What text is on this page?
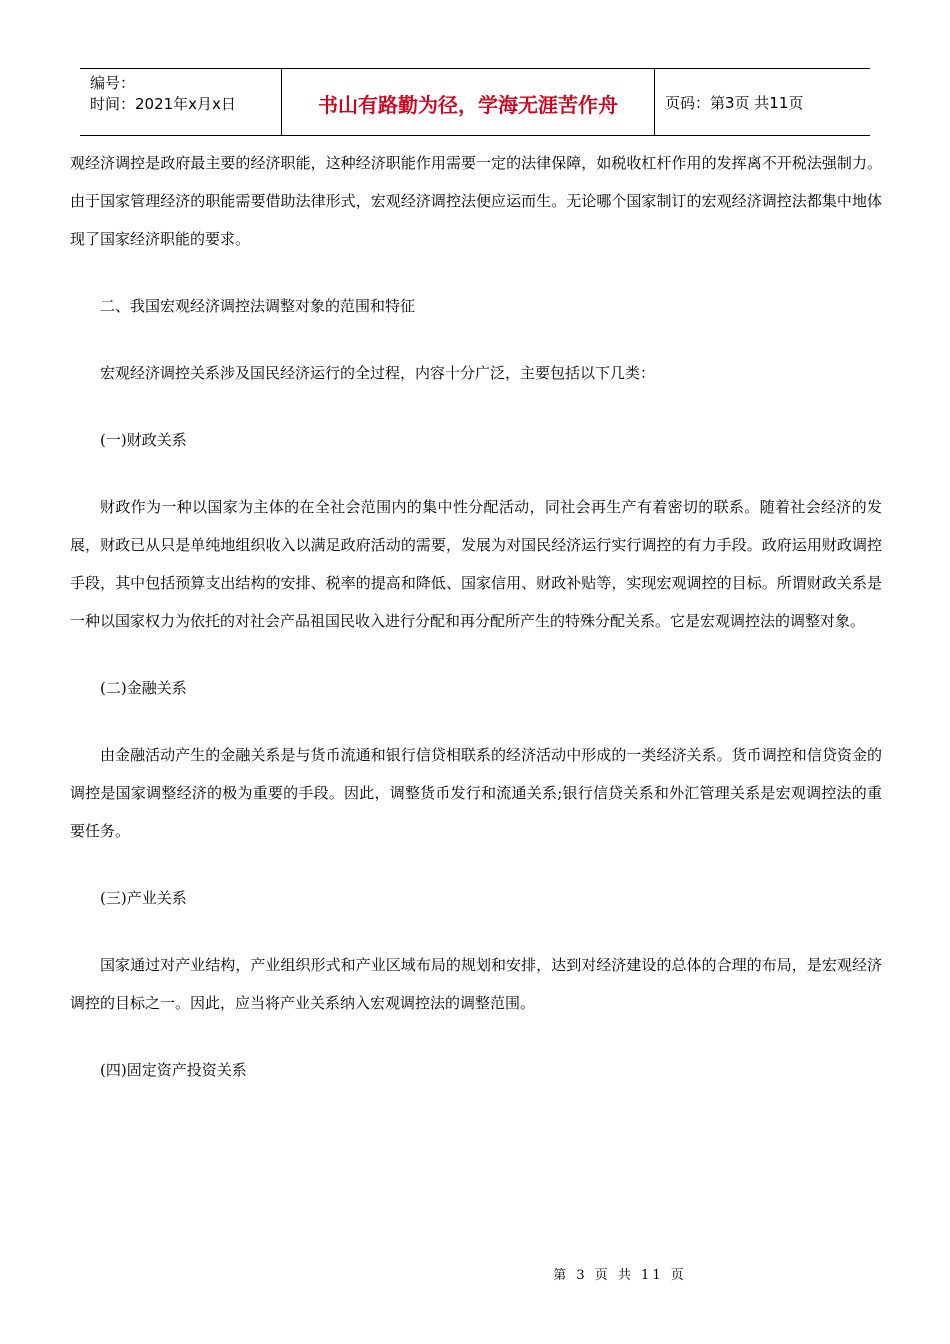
编号：
时间：2021年x月x日	书山有路勤为径，学海无涯苦作舟	页码：第3页 共11页

观经济调控是政府最主要的经济职能，这种经济职能作用需要一定的法律保障，如税收杠杆作用的发挥离不开税法强制力。由于国家管理经济的职能需要借助法律形式，宏观经济调控法便应运而生。无论哪个国家制订的宏观经济调控法都集中地体现了国家经济职能的要求。

二、我国宏观经济调控法调整对象的范围和特征

宏观经济调控关系涉及国民经济运行的全过程，内容十分广泛，主要包括以下几类：

(一)财政关系

财政作为一种以国家为主体的在全社会范围内的集中性分配活动，同社会再生产有着密切的联系。随着社会经济的发展，财政已从只是单纯地组织收入以满足政府活动的需要，发展为对国民经济运行实行调控的有力手段。政府运用财政调控手段，其中包括预算支出结构的安排、税率的提高和降低、国家信用、财政补贴等，实现宏观调控的目标。所谓财政关系是一种以国家权力为依托的对社会产品祖国民收入进行分配和再分配所产生的特殊分配关系。它是宏观调控法的调整对象。

(二)金融关系

由金融活动产生的金融关系是与货币流通和银行信贷相联系的经济活动中形成的一类经济关系。货币调控和信贷资金的调控是国家调整经济的极为重要的手段。因此，调整货币发行和流通关系;银行信贷关系和外汇管理关系是宏观调控法的重要任务。

(三)产业关系

国家通过对产业结构，产业组织形式和产业区域布局的规划和安排，达到对经济建设的总体的合理的布局，是宏观经济调控的目标之一。因此，应当将产业关系纳入宏观调控法的调整范围。

(四)固定资产投资关系

第 3 页 共 11 页
